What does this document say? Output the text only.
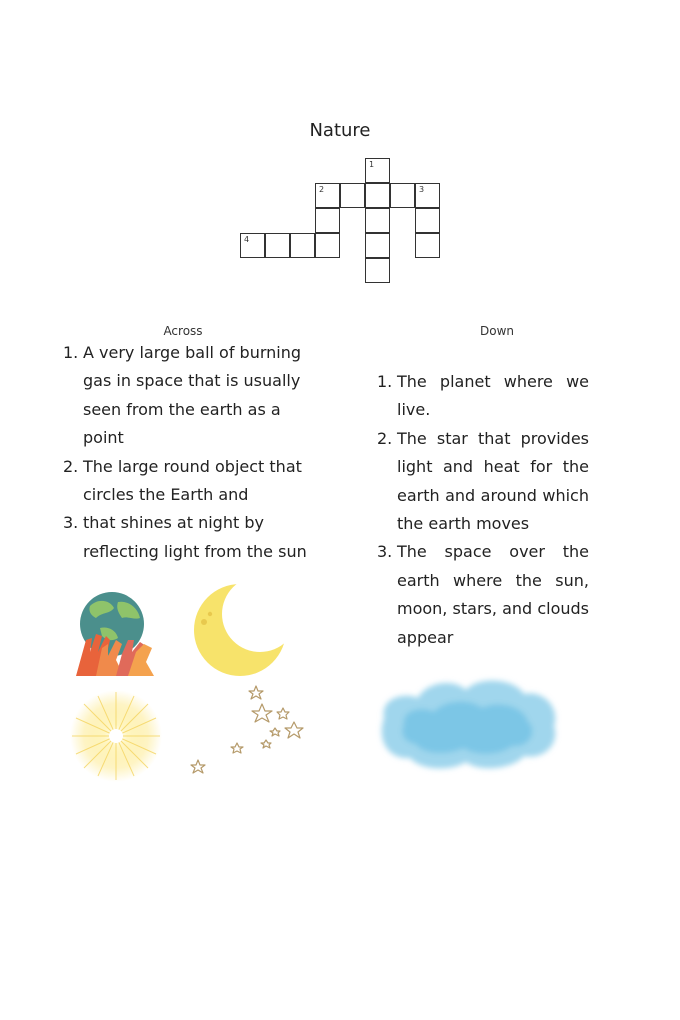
Nature
1
2	3
4
Across	Down
1. A very large ball of burning gas in space that is usually seen from the earth as a point
2. The large round object that circles the Earth and
3. that shines at night by reflecting light from the sun
1. The planet where we live.
2. The star that provides light and heat for the earth and around which the earth moves
3. The space over the earth where the sun, moon, stars, and clouds appear
